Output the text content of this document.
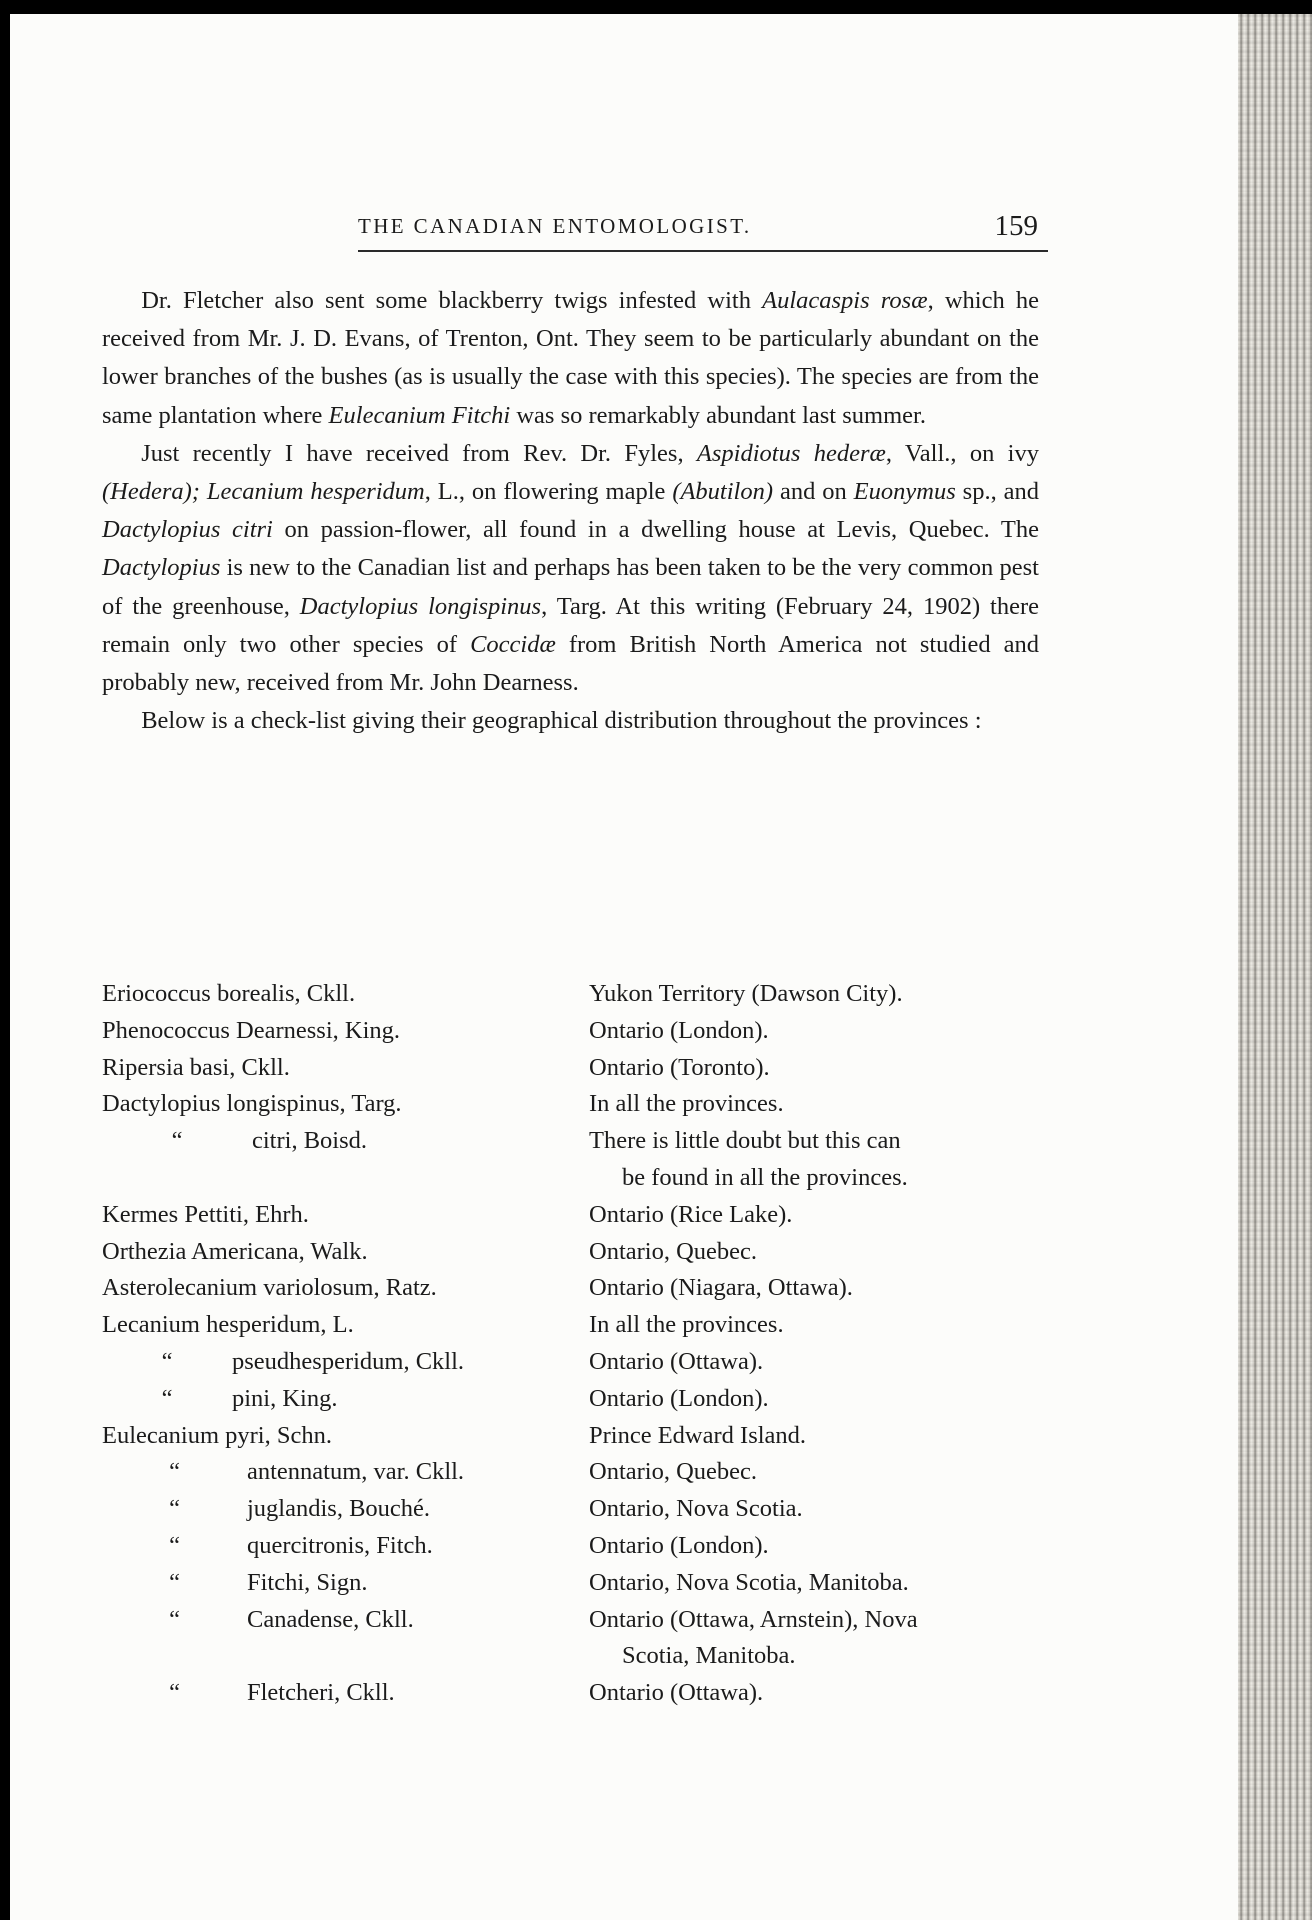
THE CANADIAN ENTOMOLOGIST.	159

Dr. Fletcher also sent some blackberry twigs infested with Aulacaspis rosæ, which he received from Mr. J. D. Evans, of Trenton, Ont. They seem to be particularly abundant on the lower branches of the bushes (as is usually the case with this species). The species are from the same plantation where Eulecanium Fitchi was so remarkably abundant last summer.

Just recently I have received from Rev. Dr. Fyles, Aspidiotus hederæ, Vall., on ivy (Hedera); Lecanium hesperidum, L., on flowering maple (Abutilon) and on Euonymus sp., and Dactylopius citri on passion-flower, all found in a dwelling house at Levis, Quebec. The Dactylopius is new to the Canadian list and perhaps has been taken to be the very common pest of the greenhouse, Dactylopius longispinus, Targ. At this writing (February 24, 1902) there remain only two other species of Coccidæ from British North America not studied and probably new, received from Mr. John Dearness.

Below is a check-list giving their geographical distribution throughout the provinces :

Eriococcus borealis, Ckll.	Yukon Territory (Dawson City).
Phenococcus Dearnessi, King.	Ontario (London).
Ripersia basi, Ckll.	Ontario (Toronto).
Dactylopius longispinus, Targ.	In all the provinces.
“	citri, Boisd.	There is little doubt but this can
be found in all the provinces.
Kermes Pettiti, Ehrh.	Ontario (Rice Lake).
Orthezia Americana, Walk.	Ontario, Quebec.
Asterolecanium variolosum, Ratz.	Ontario (Niagara, Ottawa).
Lecanium hesperidum, L.	In all the provinces.
“ pseudhesperidum, Ckll.	Ontario (Ottawa).
“ pini, King.	Ontario (London).
Eulecanium pyri, Schn.	Prince Edward Island.
“	antennatum, var. Ckll.	Ontario, Quebec.
“	juglandis, Bouché.	Ontario, Nova Scotia.
“	quercitronis, Fitch.	Ontario (London).
“	Fitchi, Sign.	Ontario, Nova Scotia, Manitoba.
“	Canadense, Ckll.	Ontario (Ottawa, Arnstein), Nova
Scotia, Manitoba.
“	Fletcheri, Ckll.	Ontario (Ottawa).
